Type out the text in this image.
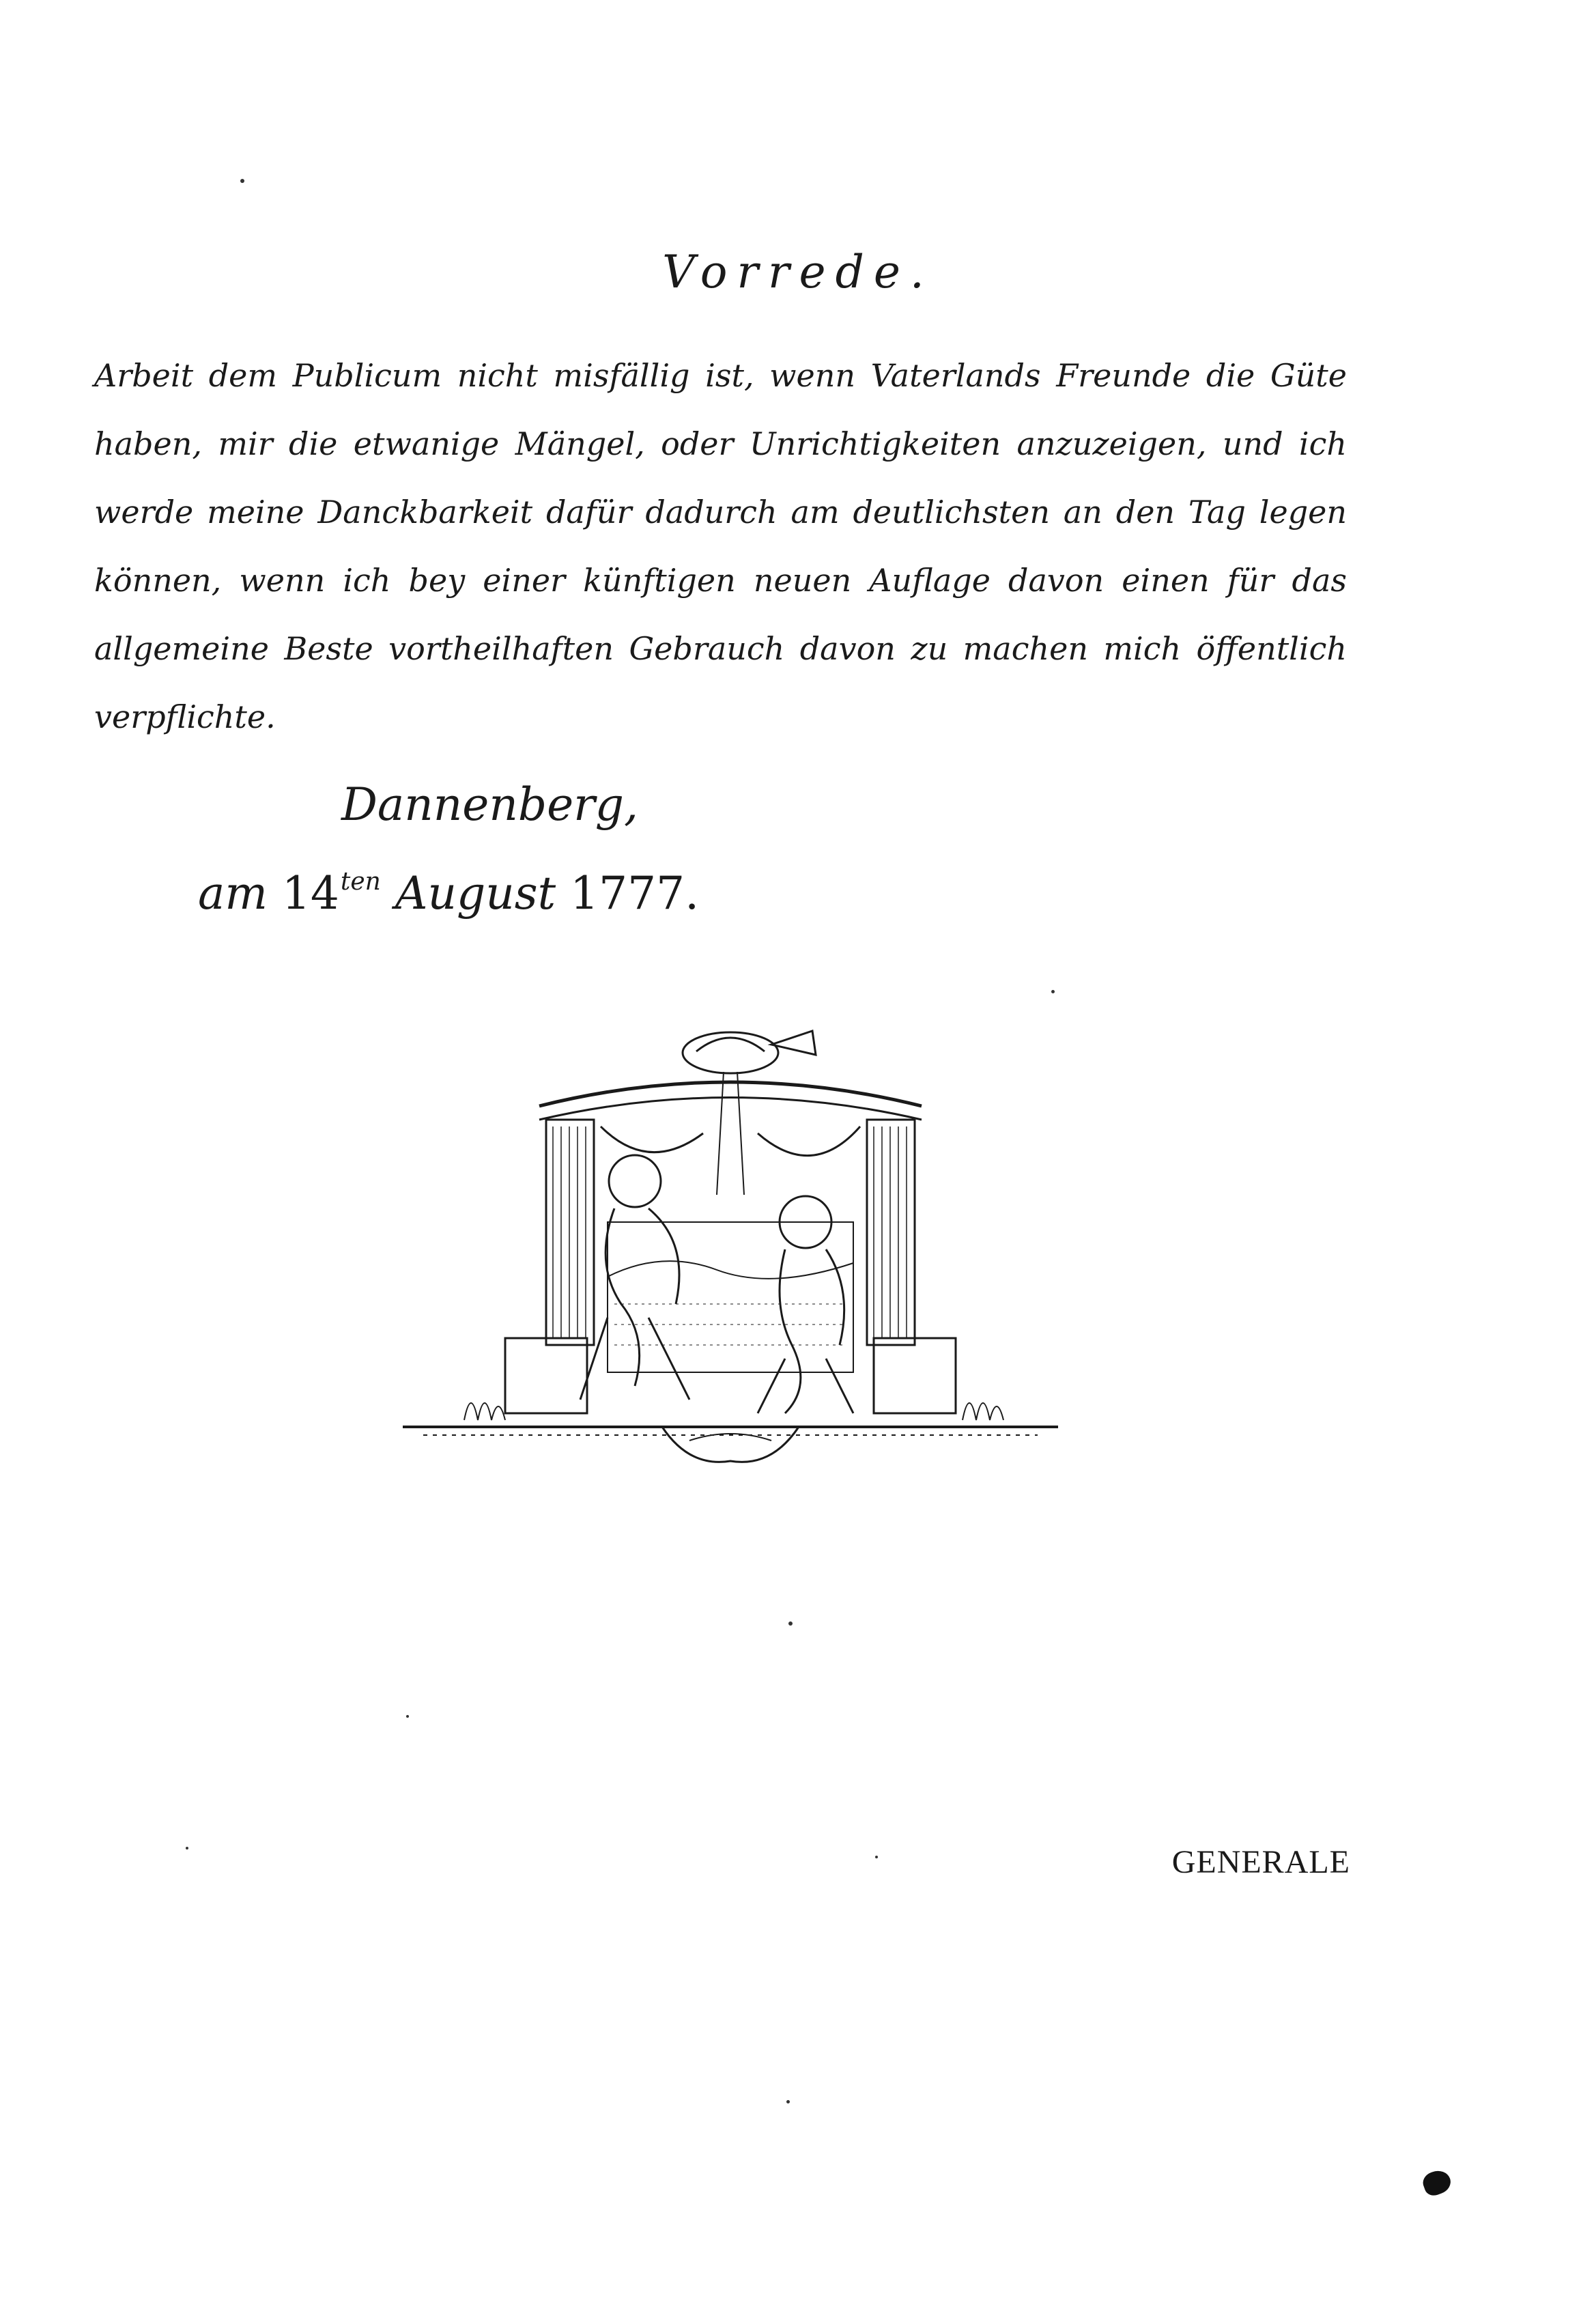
Vorrede.
Arbeit dem Publicum nicht misfällig ist, wenn Vaterlands Freunde die Güte haben, mir die etwanige Mängel, oder Unrichtigkeiten anzuzeigen, und ich werde meine Danckbarkeit dafür dadurch am deutlichsten an den Tag legen können, wenn ich bey einer künftigen neuen Auflage davon einen für das allgemeine Beste vortheilhaften Gebrauch davon zu machen mich öffentlich verpflichte.
Dannenberg,
am $14^{ten}$ August 1777.
GENERALE
